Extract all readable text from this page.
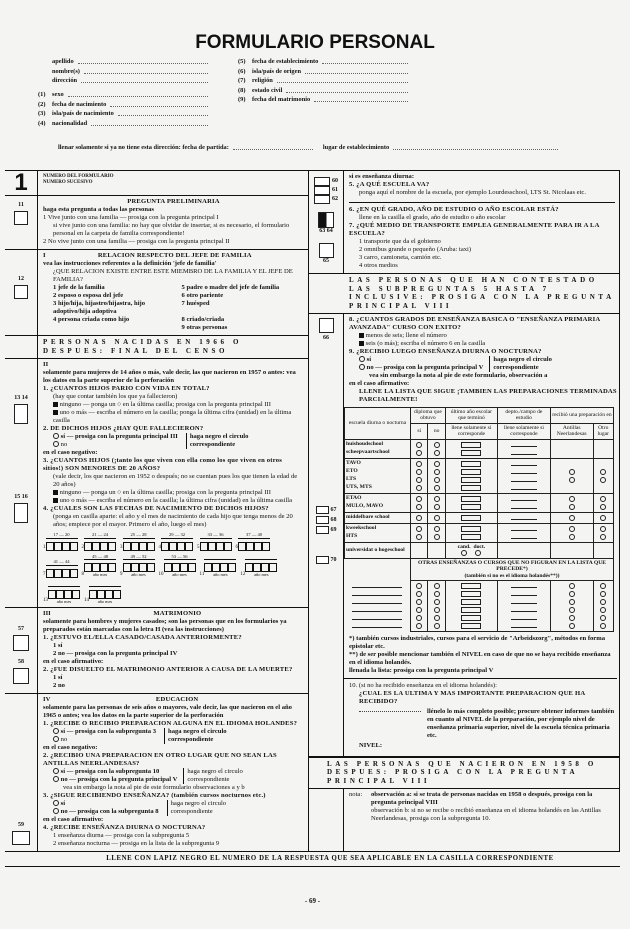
FORMULARIO PERSONAL
apellido
nombre(s)
dirección
(1)	sexo
(2)	fecha de nacimiento
(3)	isla/país de nacimiento
(4)	nacionalidad
(5)	fecha de establecimiento
(6)	isla/país de origen
(7)	religión
(8)	estado civil
(9)	fecha del matrimonio
llenar solamente si ya no tiene esta dirección: fecha de partida:	lugar de establecimiento
1	NUMERO DEL FORMULARIO
NUMERO SUCESIVO
11	PREGUNTA PRELIMINARIA
haga esta pregunta a todas las personas
1 Vive junto con una familia — prosiga con la pregunta principal I
si vive junto con una familia: no hay que olvidar de insertar, si es necesario, el formulario personal en la carpeta de familia correspondiente!
2 No vive junto con una familia — prosiga con la pregunta principal II
12
I	RELACION RESPECTO DEL JEFE DE FAMILIA
vea las instrucciones referentes a la definición 'jefe de familia'
¿QUE RELACION EXISTE ENTRE ESTE MIEMBRO DE LA FAMILIA Y EL JEFE DE FAMILIA?
1 jefe de la familia	5 padre o madre del jefe de familia
2 esposo o esposa del jefe	6 otro pariente
3 hijo/hija, hijastro/hijastra, hijo adoptivo/hija adoptiva
7 huésped
4 persona criada como hijo	8 criado/criada
9 otras personas
PERSONAS NACIDAS EN 1966 O DESPUES: FINAL DEL CENSO
13 14
15 16
II
solamente para mujeres de 14 años o más, vale decir, las que nacieron en 1957 o antes: vea los datos en la parte superior de la perforación
1. ¿CUANTOS HIJOS PARIO CON VIDA EN TOTAL?
(hay que contar también los que ya fallecieron)
ninguno — ponga un ○ en la última casilla; prosiga con la pregunta principal III
uno o más — escriba el número en la casilla; ponga la última cifra (unidad) en la última casilla
2. DE DICHOS HIJOS ¿HAY QUE FALLECIERON?
sí — prosiga con la pregunta principal III
no
haga negro el circulo correspondiente
en el caso negativo:
3. ¿CUANTOS HIJOS (¡tanto los que viven con ella como los que viven en otros sitios!) SON MENORES DE 20 AÑOS?
(vale decir, los que nacieron en 1952 o después; no se cuentan pues los que tienen la edad de 20 años)
ninguno — ponga un ○ en la última casilla; prosiga con la pregunta principal III
uno o más — escriba el número en la casilla; la última cifra (unidad) en la última casilla
4. ¿CUALES SON LAS FECHAS DE NACIMIENTO DE DICHOS HIJOS?
(ponga en casilla aparte: el año y el mes de nacimiento de cada hijo que tenga menos de 20 años; empiece por el mayor. Primero el año, luego el mes)
1
17 — 20
2
21 — 24
3
25 — 28
4
29 — 32
5
33 — 36
6
37 — 40
7
41 — 44
8
45 — 48
año mes	9
49 — 52
año mes	10
53 — 56
año mes	11 año mes	12 año mes
13 año mes	14 año mes
57
58
III	MATRIMONIO
solamente para hombres y mujeres casados; son las personas que en los formularios ya preparados están marcadas con la letra H (vea las instrucciones)
1. ¿ESTUVO EL/ELLA CASADO/CASADA ANTERIORMENTE?
1 sí
2 no — prosiga con la pregunta principal IV
en el caso afirmativo:
2. ¿FUE DISUELTO EL MATRIMONIO ANTERIOR A CAUSA DE LA MUERTE?
1 sí
2 no
59
IV	EDUCACION
solamente para las personas de seis años o mayores, vale decir, las que nacieron en el año 1965 o antes; vea los datos en la parte superior de la perforación
1. ¿RECIBE O RECIBIO PREPARACION ALGUNA EN EL IDIOMA HOLANDES?
sí — prosiga con la subpregunta 3
no
haga negro el circulo correspondiente
en el caso negativo:
2. ¿RECIBIO UNA PREPARACION EN OTRO LUGAR QUE NO SEAN LAS ANTILLAS NEERLANDESAS?
sí — prosiga con la subpregunta 10
no — prosiga con la pregunta principal V
haga negro el circulo correspondiente
vea sin embargo la nota al pie de este formulario observaciones a y b
3. ¿SIGUE RECIBIENDO ENSEÑANZA? (también cursos nocturnos etc.)
sí
no — prosiga con la subpregunta 8
haga negro el circulo correspondiente
en el caso afirmativo:
4. ¿RECIBE ENSEÑANZA DIURNA O NOCTURNA?
1 enseñanza diurna — prosiga con la subpregunta 5
2 enseñanza nocturna — prosiga en la lista de la subpregunta 9
60
61
62
63 64
65
si es enseñanza diurna:
5. ¿A QUÉ ESCUELA VA?
ponga aquí el nombre de la escuela, por ejemplo Lourdesschool, LTS St. Nicolaas etc.
6. ¿EN QUÉ GRADO, AÑO DE ESTUDIO O AÑO ESCOLAR ESTÁ?
llene en la casilla el grado, año de estudio o año escolar
7. ¿QUÉ MEDIO DE TRANSPORTE EMPLEA GENERALMENTE PARA IR A LA ESCUELA?
1 transporte que da el gobierno
2 omnibus grande o pequeño (Aruba: taxi)
3 carro, camioneta, camión etc.
4 otros medios
LAS PERSONAS QUE HAN CONTESTADO LAS SUBPREGUNTAS 5 HASTA 7 INCLUSIVE: PROSIGA CON LA PREGUNTA PRINCIPAL VIII
66
67
68
69
70
8. ¿CUANTOS GRADOS DE ENSEÑANZA BASICA O "ENSEÑANZA PRIMARIA AVANZADA" CURSO CON EXITO?
menos de seis; llene el número
seis (o más); escriba el número 6 en la casilla
9. ¿RECIBIO LUEGO ENSEÑANZA DIURNA O NOCTURNA?
sí
no — prosiga con la pregunta principal V
haga negro el circulo correspondiente
vea sin embargo la nota al pie de este formulario, observación a
en el caso afirmativo:
LLENE LA LISTA QUE SIGUE ¡TAMBIEN LAS PREPARACIONES TERMINADAS PARCIALMENTE!
escuela diurna o nocturna	diploma que obtuvo		último año escolar que terminó	depto./campo de estudio	recibió una preparación en	
	sí	no	llene solamente si corresponde	llene solamente si corresponde	Antillas Neerlandesas	Otro lugar

huishoudschool
scheepvaartschool						

TAVO
ETO
LTS
UTS, MTS						

ETAO
MULO, MAVO						

middelbare school						

kweekschool
HTS						

universidat o hogeschool			cand. doct.

	OTRAS ENSEÑANZAS O CURSOS QUE NO FIGURAN EN LA LISTA QUE PRECEDE*)
(también si no es el idioma holandés**))					

*) también cursos industriales, cursos para el servicio de "Arbeidszorg", métodos en forma epistolar etc.
**) de ser posible mencionar también el NIVEL en caso de que no se haya recibido enseñanza en el idioma holandés.
llenada la lista: prosiga con la pregunta principal V
10. (si no ha recibido enseñanza en el idioma holandés):
¿CUAL ES LA ULTIMA Y MAS IMPORTANTE PREPARACION QUE HA RECIBIDO?
llénelo lo más completo posible; procure obtener informes también en cuanto al NIVEL de la preparación, por ejemplo nivel de enseñanza primaria superior, nivel de la escuela técnica primaria etc.
NIVEL:
LAS PERSONAS QUE NACIERON EN 1958 O DESPUES: PROSIGA CON LA PREGUNTA PRINCIPAL VIII
nota:	observación a: si se trata de personas nacidas en 1958 o después, prosiga con la pregunta principal VIII
observación b: si no se recibe o recibió enseñanza en el idioma holandés en las Antillas Neerlandesas, prosiga con la subpregunta 10.
LLENE CON LAPIZ NEGRO EL NUMERO DE LA RESPUESTA QUE SEA APLICABLE EN LA CASILLA CORRESPONDIENTE
- 69 -
